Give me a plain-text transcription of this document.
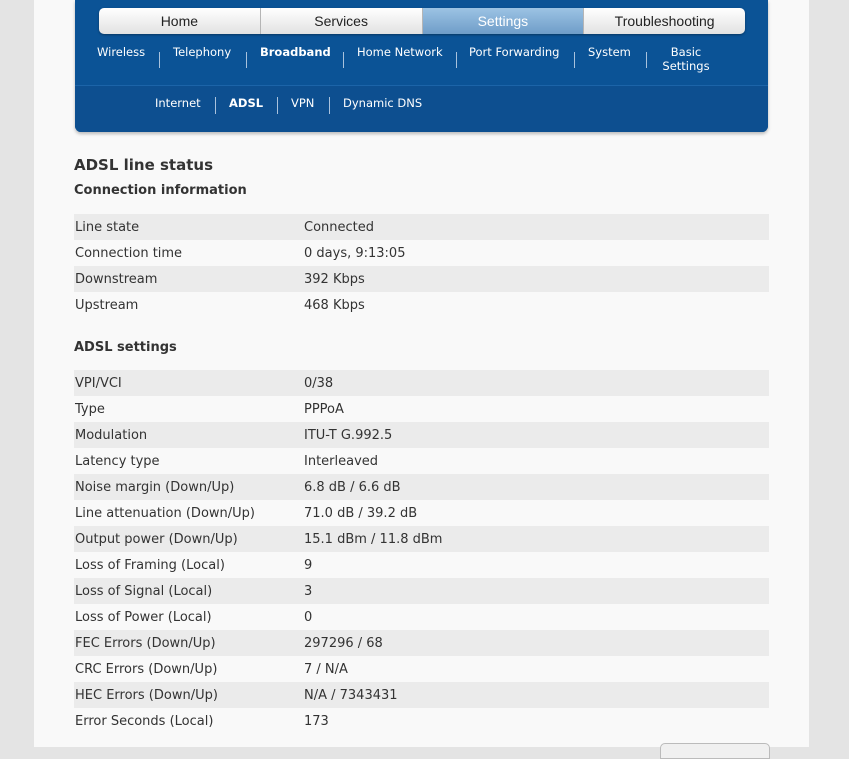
Home	Services	Settings	Troubleshooting
Wireless Telephony	Broadband Home Network Port Forwarding System	Basic
Settings
Internet ADSL VPN Dynamic DNS
ADSL line status
Connection information
Line state	Connected
Connection time	0 days, 9:13:05
Downstream	392 Kbps
Upstream	468 Kbps
ADSL settings
VPI/VCI	0/38
Type	PPPoA
Modulation	ITU-T G.992.5
Latency type	Interleaved
Noise margin (Down/Up)	6.8 dB / 6.6 dB
Line attenuation (Down/Up)	71.0 dB / 39.2 dB
Output power (Down/Up)	15.1 dBm / 11.8 dBm
Loss of Framing (Local)	9
Loss of Signal (Local)	3
Loss of Power (Local)	0
FEC Errors (Down/Up)	297296 / 68
CRC Errors (Down/Up)	7 / N/A
HEC Errors (Down/Up)	N/A / 7343431
Error Seconds (Local)	173
